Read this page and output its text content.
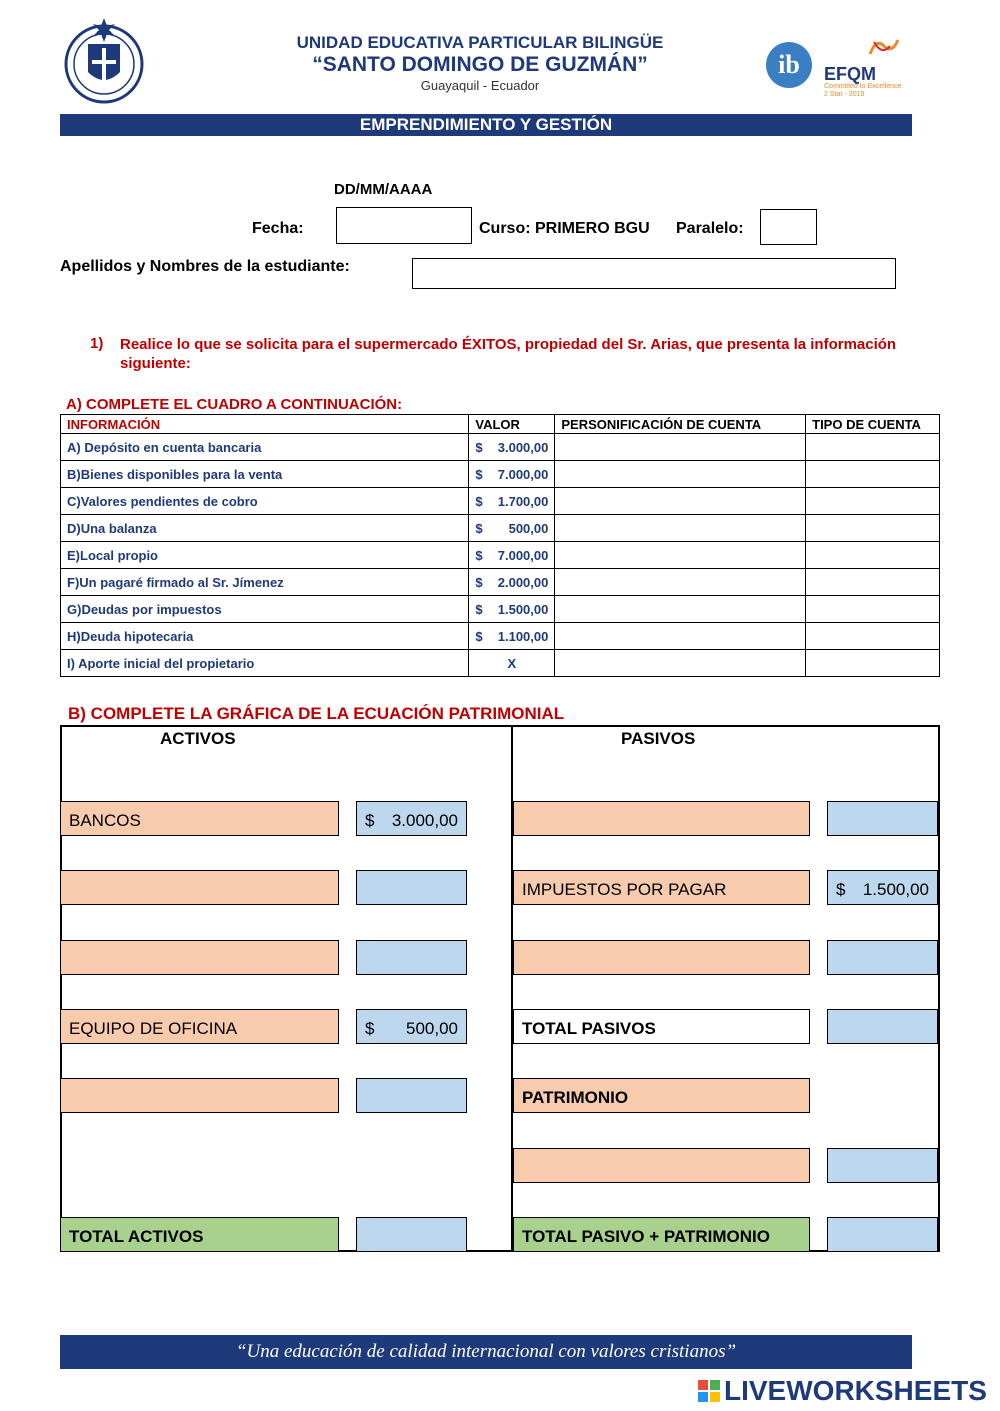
UNIDAD EDUCATIVA PARTICULAR BILINGÜE
“SANTO DOMINGO DE GUZMÁN”
Guayaquil - Ecuador
ib EFQM
Committed to Excellence
2 Star - 2019
EMPRENDIMIENTO Y GESTIÓN
DD/MM/AAAA
Fecha:	Curso: PRIMERO BGU Paralelo:
Apellidos y Nombres de la estudiante:
1) Realice lo que se solicita para el supermercado ÉXITOS, propiedad del Sr. Arias, que presenta la información siguiente:
A) COMPLETE EL CUADRO A CONTINUACIÓN:
INFORMACIÓN	VALOR	PERSONIFICACIÓN DE CUENTA	TIPO DE CUENTA
A) Depósito en cuenta bancaria	$ 3.000,00		

B)Bienes disponibles para la venta	$ 7.000,00		

C)Valores pendientes de cobro	$ 1.700,00		

D)Una balanza	$ 500,00		

E)Local propio	$ 7.000,00		

F)Un pagaré firmado al Sr. Jímenez	$ 2.000,00		

G)Deudas por impuestos	$ 1.500,00		

H)Deuda hipotecaria	$ 1.100,00		

I) Aporte inicial del propietario	X		
B) COMPLETE LA GRÁFICA DE LA ECUACIÓN PATRIMONIAL
ACTIVOS	PASIVOS
BANCOS	$ 3.000,00
EQUIPO DE OFICINA	$ 500,00
TOTAL ACTIVOS
IMPUESTOS POR PAGAR	$ 1.500,00
TOTAL PASIVOS
PATRIMONIO
TOTAL PASIVO + PATRIMONIO
“Una educación de calidad internacional con valores cristianos”
LIVEWORKSHEETS
